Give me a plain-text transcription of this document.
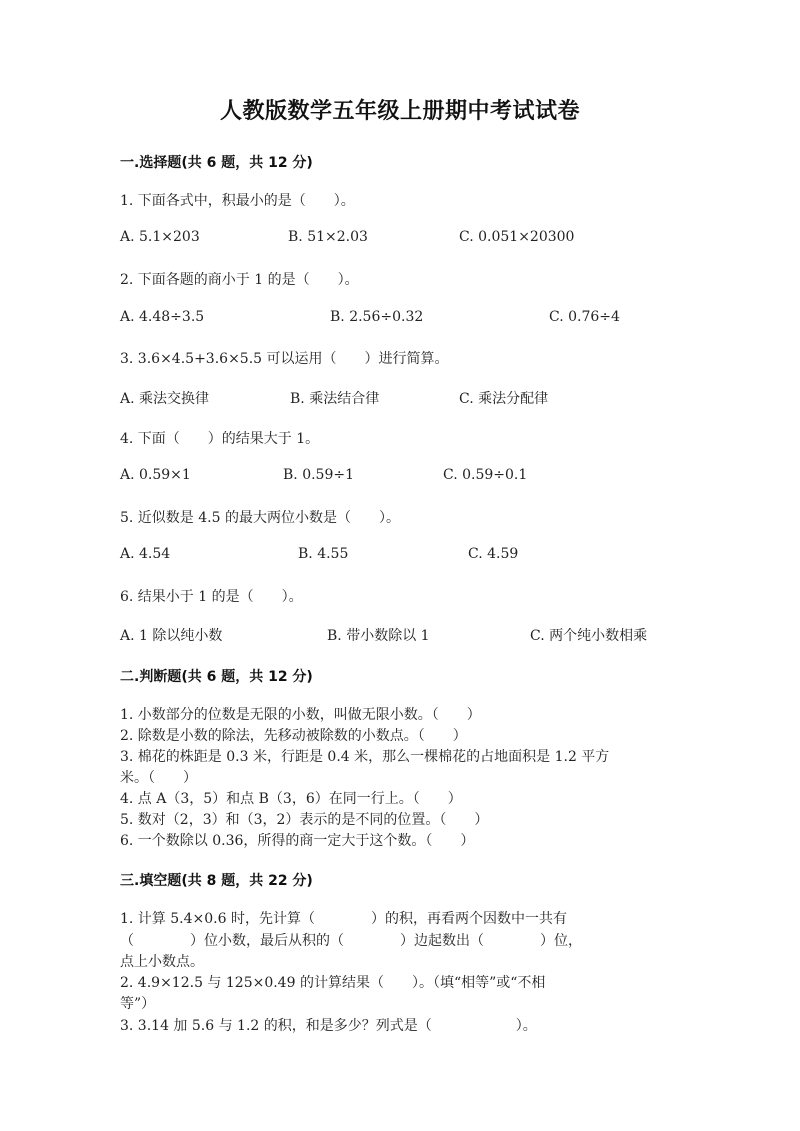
人教版数学五年级上册期中考试试卷
一.选择题(共 6 题，共 12 分)
1. 下面各式中，积最小的是（　　）。
A. 5.1×203	B. 51×2.03	C. 0.051×20300
2. 下面各题的商小于 1 的是（　　）。
A. 4.48÷3.5	B. 2.56÷0.32	C. 0.76÷4
3. 3.6×4.5+3.6×5.5 可以运用（　　）进行简算。
A. 乘法交换律	B. 乘法结合律	C. 乘法分配律
4. 下面（　　）的结果大于 1。
A. 0.59×1	B. 0.59÷1	C. 0.59÷0.1
5. 近似数是 4.5 的最大两位小数是（　　）。
A. 4.54	B. 4.55	C. 4.59
6. 结果小于 1 的是（　　）。
A. 1 除以纯小数	B. 带小数除以 1	C. 两个纯小数相乘
二.判断题(共 6 题，共 12 分)
1. 小数部分的位数是无限的小数，叫做无限小数。（　　）
2. 除数是小数的除法，先移动被除数的小数点。（　　）
3. 棉花的株距是 0.3 米，行距是 0.4 米，那么一棵棉花的占地面积是 1.2 平方
米。（　　）
4. 点 A（3，5）和点 B（3，6）在同一行上。（　　）
5. 数对（2，3）和（3，2）表示的是不同的位置。（　　）
6. 一个数除以 0.36，所得的商一定大于这个数。（　　）
三.填空题(共 8 题，共 22 分)
1. 计算 5.4×0.6 时，先计算（　　　　）的积，再看两个因数中一共有
（　　　　）位小数，最后从积的（　　　　）边起数出（　　　　）位，
点上小数点。
2. 4.9×12.5 与 125×0.49 的计算结果（　　）。（填“相等”或“不相
等”）
3. 3.14 加 5.6 与 1.2 的积，和是多少？列式是（　　　　　　）。
